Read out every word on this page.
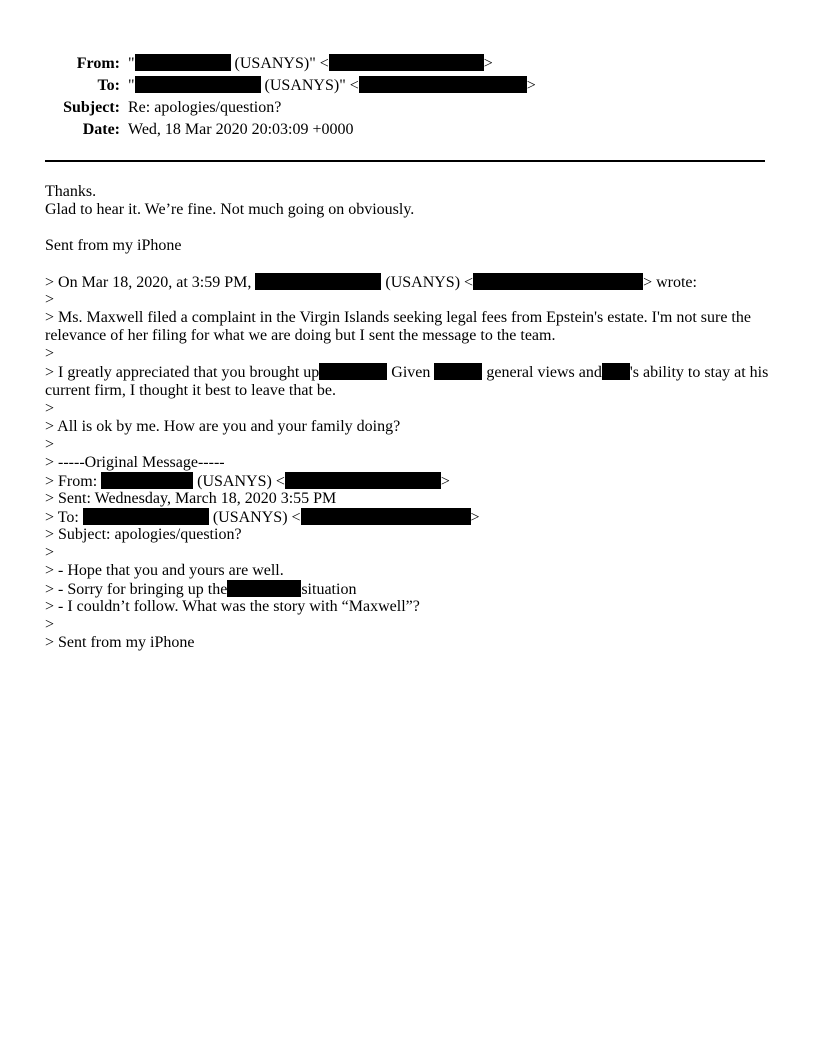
From: "	(USANYS)" <	>
To: "	(USANYS)" <	>
Subject: Re: apologies/question?
Date: Wed, 18 Mar 2020 20:03:09 +0000
Thanks.
Glad to hear it. We’re fine. Not much going on obviously.
Sent from my iPhone
> On Mar 18, 2020, at 3:59 PM,	(USANYS) <	> wrote:
>
> Ms. Maxwell filed a complaint in the Virgin Islands seeking legal fees from Epstein's estate. I'm not sure the relevance of her filing for what we are doing but I sent the message to the team.
>
> I greatly appreciated that you brought up	Given	general views and 's ability to stay at his current firm, I thought it best to leave that be.
>
> All is ok by me. How are you and your family doing?
>
> -----Original Message-----
> From:	(USANYS) <	>
> Sent: Wednesday, March 18, 2020 3:55 PM
> To:	(USANYS) <	>
> Subject: apologies/question?
>
> - Hope that you and yours are well.
> - Sorry for bringing up the	situation
> - I couldn’t follow. What was the story with “Maxwell”?
>
> Sent from my iPhone
